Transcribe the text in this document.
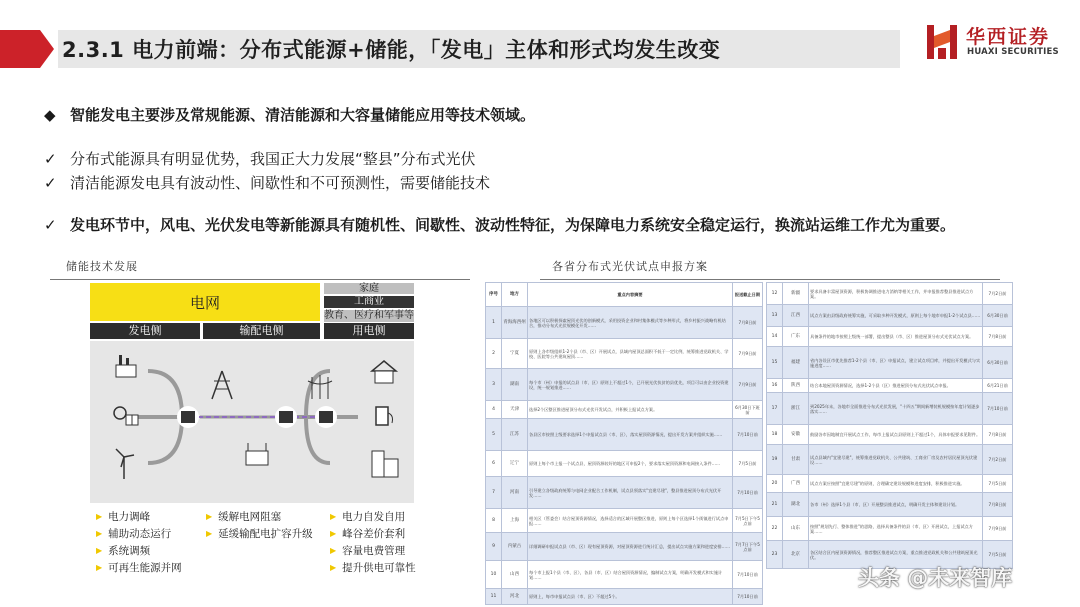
2.3.1 电力前端：分布式能源+储能，「发电」主体和形式均发生改变
华西证券
HUAXI SECURITIES
◆ 智能发电主要涉及常规能源、清洁能源和大容量储能应用等技术领域。
✓ 分布式能源具有明显优势，我国正大力发展“整县”分布式光伏
✓ 清洁能源发电具有波动性、间歇性和不可预测性，需要储能技术
✓ 发电环节中，风电、光伏发电等新能源具有随机性、间歇性、波动性特征，为保障电力系统安全稳定运行，换流站运维工作尤为重要。
储能技术发展
电网
家庭
工商业
教育、医疗和军事等
发电侧	输配电侧	用电侧
▶ 电力调峰
▶ 辅助动态运行
▶ 系统调频
▶ 可再生能源并网
▶ 缓解电网阻塞
▶ 延缓输配电扩容升级
▶ 电力自发自用
▶ 峰谷差价套利
▶ 容量电费管理
▶ 提升供电可靠性
各省分布式光伏试点申报方案
序号	地方	重点内容摘要	报送截止日期
1	青海海西州	各地区可以积极探索屋顶光伏的创新模式，采用投资企业和村集体模式等多种形式，将乡村振兴战略有机结合，推动分布式光伏规模化开发……	7月8日前
2	宁夏	原则上各市级组织1-2个县（市、区）开展试点，县域内屋顶总面积不低于一定比例，统筹推进党政机关、学校、医院等公共建筑屋顶……	7月9日前
3	湖南	每个市（州）申报的试点县（市、区）原则上不超过1个，已开展光伏扶贫的县优先，项目可以由企业投资建设，统一规划推进……	7月9日前
4	天津	选择2个区整区推进屋顶分布式光伏开发试点，并积极上报试点方案。	6月30日下班前
5	江苏	各县区市按照上级要求选择1个申报试点县（市、区），落实屋顶资源情况，提出开发方案并组织实施……	7月10日前
6	辽宁	原则上每个市上报一个试点县，屋顶资源较好的地区可申报2个，要求落实屋顶资源和电网接入条件……	7月5日前
7	河南	引导建立各级政府统筹与电网企业配合工作机制，试点县须落实"宜建尽建"，整县推进屋顶分布式光伏开发……	7月10日前
8	上海	相关区（管委会）结合屋顶资源情况，选择适合的区域开展整区推进，原则上每个区选择1个街镇进行试点申报……	7月5日下午5点前
9	内蒙古	详细调研申报试点县（市、区）现有屋顶资源，对屋顶资源进行统计汇总，提出试点实施方案和进度安排……	7月7日下午5点前
10	山西	每个市上报1个县（市、区），各县（市、区）结合屋顶资源情况，编制试点方案，明确开发模式和实施计划……	7月10日前
11	河北	原则上，每市申报试点县（市、区）不超过5个。	7月10日前
12	新疆	要求具备丰富屋顶资源，积极协调推进电力消纳等相关工作，并申报推荐整县推进试点方案。	7月2日前
13	江西	试点方案由县级政府统筹实施，可采取多种开发模式，原则上每个地市申报1-2个试点县……	6月30日前
14	广东	具备条件的地市按照上级统一部署，提出整县（市、区）推进屋顶分布式光伏试点方案。	7月8日前
15	福建	省内各设区市优先推荐1-2个县（市、区）申报试点，建立试点项目库，并提出开发模式与实施进度……	6月30日前
16	陕西	结合本地屋顶资源情况，选择1-2个县（区）推进屋顶分布式光伏试点申报。	6月21日前
17	浙江	到2025年末，各地市全面推进分布式光伏发展，"十四五"期间新增装机规模按年度计划逐步落实……	7月10日前
18	安徽	鼓励各市因地制宜开展试点工作，每市上报试点县原则上不超过1个，具体申报要求见附件。	7月8日前
19	甘肃	试点县域内"宜建尽建"，统筹推进党政机关、公共建筑、工商业厂房及农村居民屋顶光伏建设……	7月2日前
20	广西	试点方案应按照"宜建尽建"的原则，合理确定建设规模和进度安排，积极推进实施。	7月5日前
21	湖北	各市（州）选择1个县（市、区）开展整县推进试点，明确开发主体和建设计划。	7月8日前
22	山东	按照"规划先行、整体推进"的思路，选择具备条件的县（市、区）开展试点，上报试点方案……	7月9日前
23	北京	各区结合区内屋顶资源情况，推荐整区推进试点方案，重点推进党政机关和公共建筑屋顶光伏。	7月5日前
头条 @未来智库
